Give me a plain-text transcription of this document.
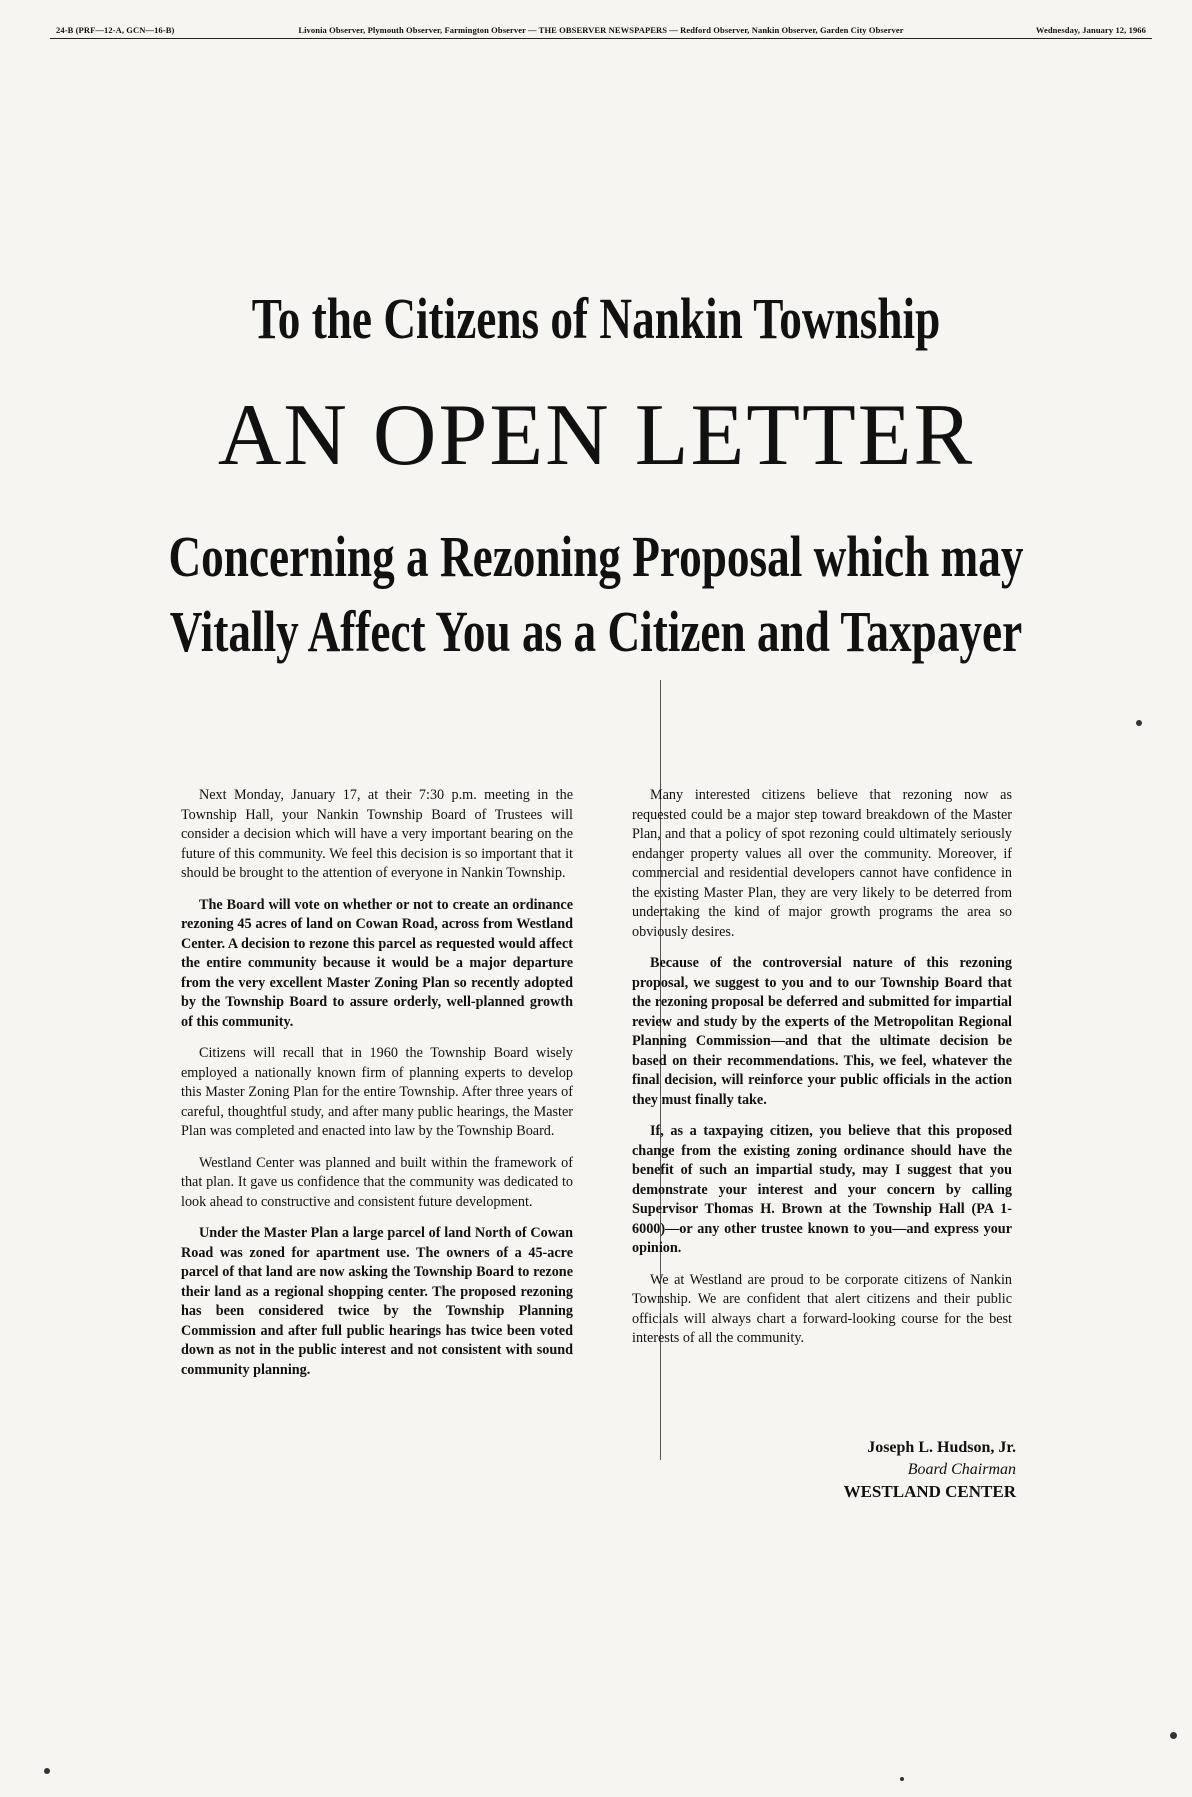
24-B (PRF—12-A, GCN—16-B)	Livonia Observer, Plymouth Observer, Farmington Observer — THE OBSERVER NEWSPAPERS — Redford Observer, Nankin Observer, Garden City Observer	Wednesday, January 12, 1966
To the Citizens of Nankin Township
AN OPEN LETTER
Concerning a Rezoning Proposal which may
Vitally Affect You as a Citizen and Taxpayer

Next Monday, January 17, at their 7:30 p.m. meeting in the Township Hall, your Nankin Township Board of Trustees will consider a decision which will have a very important bearing on the future of this community. We feel this decision is so important that it should be brought to the attention of everyone in Nankin Township.

The Board will vote on whether or not to create an ordinance rezoning 45 acres of land on Cowan Road, across from Westland Center. A decision to rezone this parcel as requested would affect the entire community because it would be a major departure from the very excellent Master Zoning Plan so recently adopted by the Township Board to assure orderly, well-planned growth of this community.

Citizens will recall that in 1960 the Township Board wisely employed a nationally known firm of planning experts to develop this Master Zoning Plan for the entire Township. After three years of careful, thoughtful study, and after many public hearings, the Master Plan was completed and enacted into law by the Township Board.

Westland Center was planned and built within the framework of that plan. It gave us confidence that the community was dedicated to look ahead to constructive and consistent future development.

Under the Master Plan a large parcel of land North of Cowan Road was zoned for apartment use. The owners of a 45-acre parcel of that land are now asking the Township Board to rezone their land as a regional shopping center. The proposed rezoning has been considered twice by the Township Planning Commission and after full public hearings has twice been voted down as not in the public interest and not consistent with sound community planning.

Many interested citizens believe that rezoning now as requested could be a major step toward breakdown of the Master Plan, and that a policy of spot rezoning could ultimately seriously endanger property values all over the community. Moreover, if commercial and residential developers cannot have confidence in the existing Master Plan, they are very likely to be deterred from undertaking the kind of major growth programs the area so obviously desires.

Because of the controversial nature of this rezoning proposal, we suggest to you and to our Township Board that the rezoning proposal be deferred and submitted for impartial review and study by the experts of the Metropolitan Regional Planning Commission—and that the ultimate decision be based on their recommendations. This, we feel, whatever the final decision, will reinforce your public officials in the action they must finally take.

If, as a taxpaying citizen, you believe that this proposed change from the existing zoning ordinance should have the benefit of such an impartial study, may I suggest that you demonstrate your interest and your concern by calling Supervisor Thomas H. Brown at the Township Hall (PA 1-6000)—or any other trustee known to you—and express your opinion.

We at Westland are proud to be corporate citizens of Nankin Township. We are confident that alert citizens and their public officials will always chart a forward-looking course for the best interests of all the community.

Joseph L. Hudson, Jr.
Board Chairman
WESTLAND CENTER
